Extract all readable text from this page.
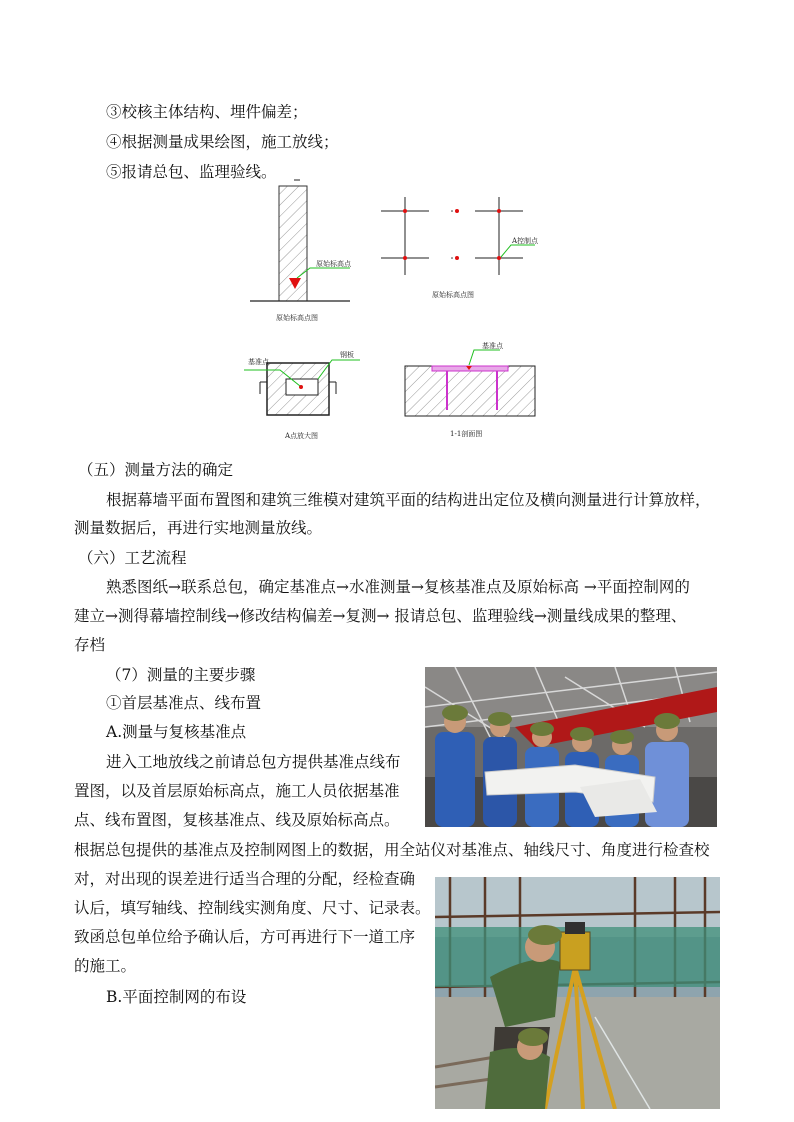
③校核主体结构、埋件偏差；
④根据测量成果绘图，施工放线；
⑤报请总包、监理验线。
原始标高点
原始标高点图
A控制点
原始标高点图
基准点
钢板
A点放大图
基准点
1-1剖面图
（五）测量方法的确定
根据幕墙平面布置图和建筑三维模对建筑平面的结构进出定位及横向测量进行计算放样，
测量数据后，再进行实地测量放线。
（六）工艺流程
熟悉图纸→联系总包，确定基准点→水准测量→复核基准点及原始标高 →平面控制网的
建立→测得幕墙控制线→修改结构偏差→复测→ 报请总包、监理验线→测量线成果的整理、
存档
（7）测量的主要步骤
①首层基准点、线布置
A.测量与复核基准点
进入工地放线之前请总包方提供基准点线布
置图，以及首层原始标高点，施工人员依据基准
点、线布置图，复核基准点、线及原始标高点。
根据总包提供的基准点及控制网图上的数据，用全站仪对基准点、轴线尺寸、角度进行检查校
对，对出现的误差进行适当合理的分配，经检查确
认后，填写轴线、控制线实测角度、尺寸、记录表。
致函总包单位给予确认后，方可再进行下一道工序
的施工。
B.平面控制网的布设
